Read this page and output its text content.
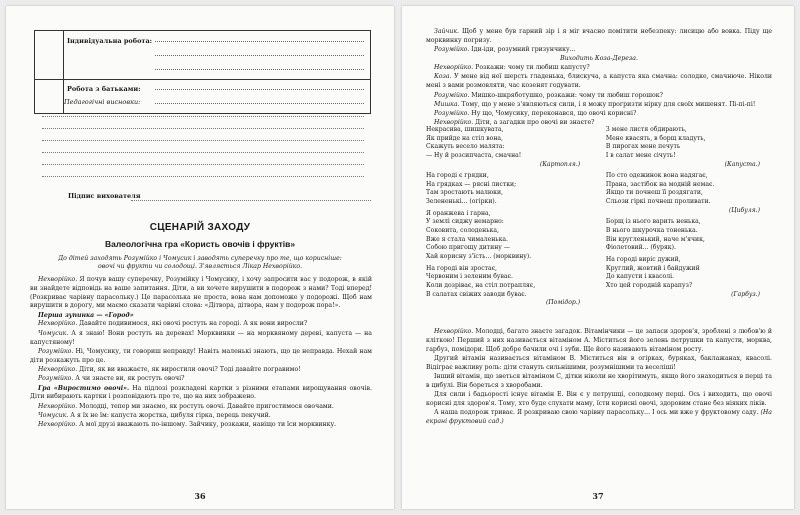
Індивідуальна робота:

Робота з батьками:

Педагогічні висновки:
Підпис вихователя
СЦЕНАРІЙ ЗАХОДУ
Валеологічна гра «Користь овочів і фруктів»
До дітей заходять Розумійко і Чомусик і заводять суперечку про те, що корисніше: овочі чи фрукти чи солодощі. З'являється Лікар Нехворійко.

Нехворійко. Я почув вашу суперечку, Розумійку і Чомусику, і хочу запросити вас у подорож, в якій ви знайдете відповідь на ваше запитання. Діти, а ви хочете вирушити в подорож з нами? Тоді вперед! (Розкриває чарівну парасольку.) Це парасолька не проста, вона нам допоможе у подорожі. Щоб нам вирушити в дорогу, ми маємо сказати чарівні слова: «Дітвора, дітвора, нам у подорож пора!».

Перша зупинка — «Город»

Нехворійко. Давайте подивимося, які овочі ростуть на городі. А як вони виросли?

Чомусик. А я знаю! Вони ростуть на деревах! Морквинки — на морквяному дереві, капуста — на капустяному!

Розумійко. Ні, Чомусику, ти говориш неправду! Навіть маленькі знають, що це неправда. Нехай нам діти розкажуть про це.

Нехворійко. Діти, як ви вважаєте, як виростили овочі? Тоді давайте погравимо!

Розумійко. А чи знаєте ви, як ростуть овочі?

Гра «Виростимо овочі». На підлозі розкладені картки з різними етапами вирощування овочів. Діти вибирають картки і розповідають про те, що на них зображено.

Нехворійко. Молодці, тепер ми знаємо, як ростуть овочі. Давайте пригостимося овочами.

Чомусик. А я їх не їм: капуста жорстка, цибуля гірка, перець пекучий.

Нехворійко. А мої друзі вважають по-іншому. Зайчику, розкажи, навіщо ти їси морквинку.

36

Зайчик. Щоб у мене був гарний зір і я міг вчасно помітити небезпеку: лисицю або вовка. Піду ще морквинку погризу.

Розумійко. Іди-іди, розумний гризунчику...

Виходить Коза-Дереза.

Нехворійко. Розкажи: чому ти любиш капусту?

Коза. У мене від неї шерсть гладенька, блискуча, а капуста яка смачна: солодке, смачнюче. Ніколи мені з вами розмовляти, час козенят годувати.

Розумійко. Мишко-шкряботушко, розкажи: чому ти любиш горошок?

Мишка. Тому, що у мене з'являються сили, і я можу прогризти нірку для своїх мишенят. Пі-пі-пі!

Розумійко. Ну що, Чомусику, переконався, що овочі корисні?

Нехворійко. Діти, а загадки про овочі ви знаєте?

Некрасива, шишкувата,
Як прийде на стіл вона,
Скажуть весело малята:
— Ну й розсипчаста, смачна!
(Картопля.)
На городі є грядки,
На грядках — рясні листки;
Там зростають малюки,
Зелененькі... (огірки).
Я оранжева і гарна,
У землі сиджу немарно:
Соковита, солоденька,
Вже я стала чималенька.
Собою пригощу дитину —
Хай корисну з'їсть... (морквину).
На городі він зростає,
Червоним і зеленим буває.
Коли дозріває, на стіл потрапляє,
В салатах свіжих заводи буває.
(Помідор.)
З мене листя обдирають,
Мене квасять, в борщ кладуть,
В пирогах мене печуть
І в салат мене січуть!
(Капуста.)
По сто одежинок вона надягає,
Прана, застібок на модній немає.
Якщо ти почнеш її роздягати,
Сльози гіркі почнеш проливати.
(Цибуля.)
Борщ із нього варить ненька,
В нього шкурочка тоненька.
Він кругленький, наче м'ячик,
Фіолетовий... (буряк).
На городі виріс дужий,
Круглий, жовтий і байдужий
До капусти і квасолі.
Хто цей городній карапуз?
(Гарбуз.)

Нехворійко. Молодці, багато знаєте загадок. Вітамінчики — це запаси здоров'я, зроблені з любов'ю й кліткою! Перший з них називається вітаміном А. Міститься його зелень петрушки та капусти, морква, гарбуз, помідори. Щоб добре бачили очі і зуби. Ще його називають вітаміном росту.

Другий вітамін називається вітаміном В. Міститься він в огірках, буряках, баклажанах, квасолі. Відіграє важливу роль: діти стануть сильнішими, розумнішими та веселіші!

Інший вітамін, що зветься вітаміном С, дітки ніколи не хворітимуть, якщо його знаходиться в перці та в цибулі. Він бореться з хворобами.

Для сили і бадьорості існує вітамін Е. Він є у петрушці, солодкому перці. Ось і виходить, що овочі корисні для здоров'я. Тому, хто буде слухати маму, їсти корисні овочі, здоровим стане без ніяких ліків.

А наша подорож триває. Я розкриваю свою чарівну парасольку... І ось ми вже у фруктовому саду. (На екрані фруктовий сад.)

37
